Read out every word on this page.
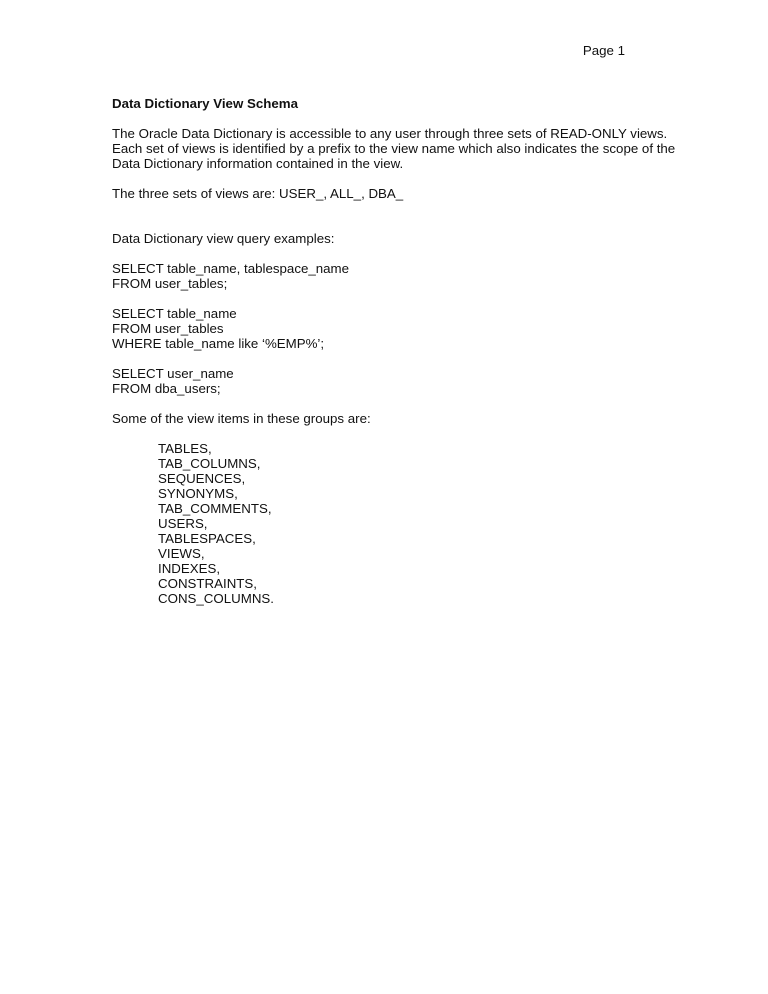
Page 1

Data Dictionary View Schema

The Oracle Data Dictionary is accessible to any user through three sets of READ-ONLY views.

Each set of views is identified by a prefix to the view name which also indicates the scope of the

Data Dictionary information contained in the view.

The three sets of views are: USER_, ALL_, DBA_

Data Dictionary view query examples:

SELECT table_name, tablespace_name

FROM user_tables;

SELECT table_name

FROM user_tables

WHERE table_name like ‘%EMP%’;

SELECT user_name

FROM dba_users;

Some of the view items in these groups are:

TABLES,

TAB_COLUMNS,

SEQUENCES,

SYNONYMS,

TAB_COMMENTS,

USERS,

TABLESPACES,

VIEWS,

INDEXES,

CONSTRAINTS,

CONS_COLUMNS.
